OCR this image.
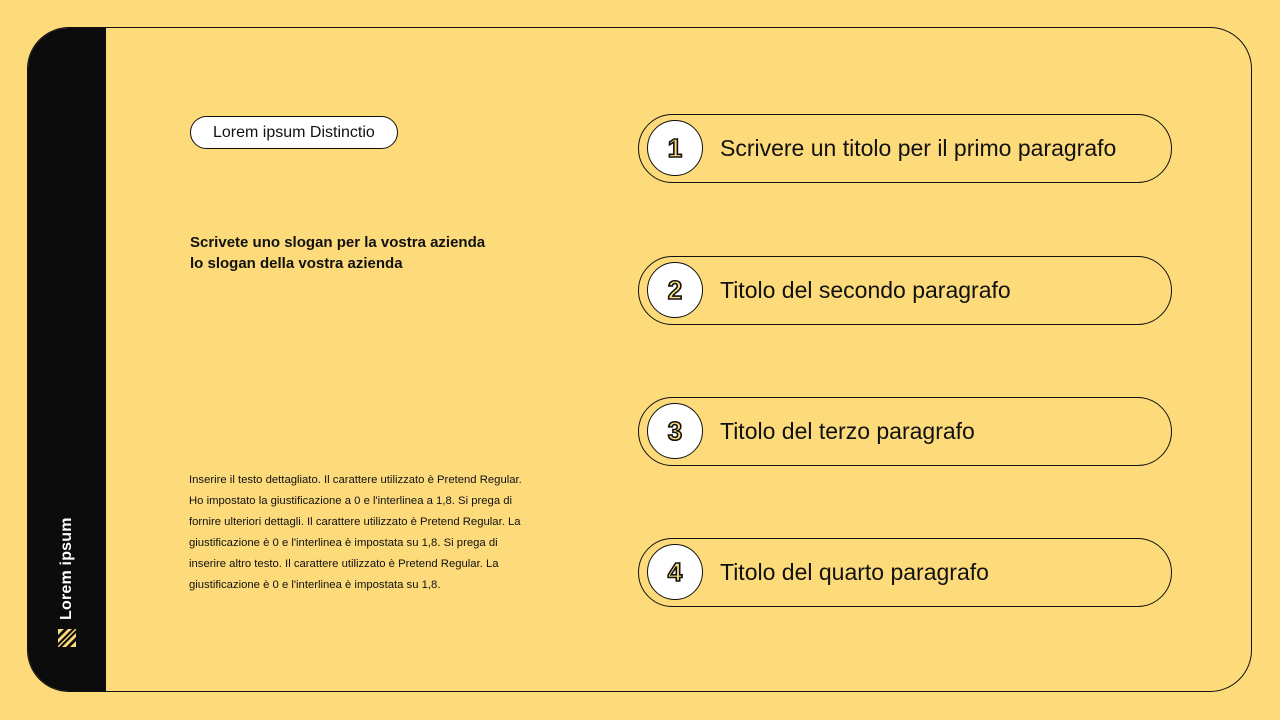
Lorem ipsum
Lorem ipsum Distinctio
Scrivete uno slogan per la vostra azienda
lo slogan della vostra azienda
Inserire il testo dettagliato. Il carattere utilizzato è Pretend Regular. Ho impostato la giustificazione a 0 e l'interlinea a 1,8. Si prega di fornire ulteriori dettagli. Il carattere utilizzato è Pretend Regular. La giustificazione è 0 e l'interlinea è impostata su 1,8. Si prega di inserire altro testo. Il carattere utilizzato è Pretend Regular. La giustificazione è 0 e l'interlinea è impostata su 1,8.
1	Scrivere un titolo per il primo paragrafo
2	Titolo del secondo paragrafo
3	Titolo del terzo paragrafo
4	Titolo del quarto paragrafo
